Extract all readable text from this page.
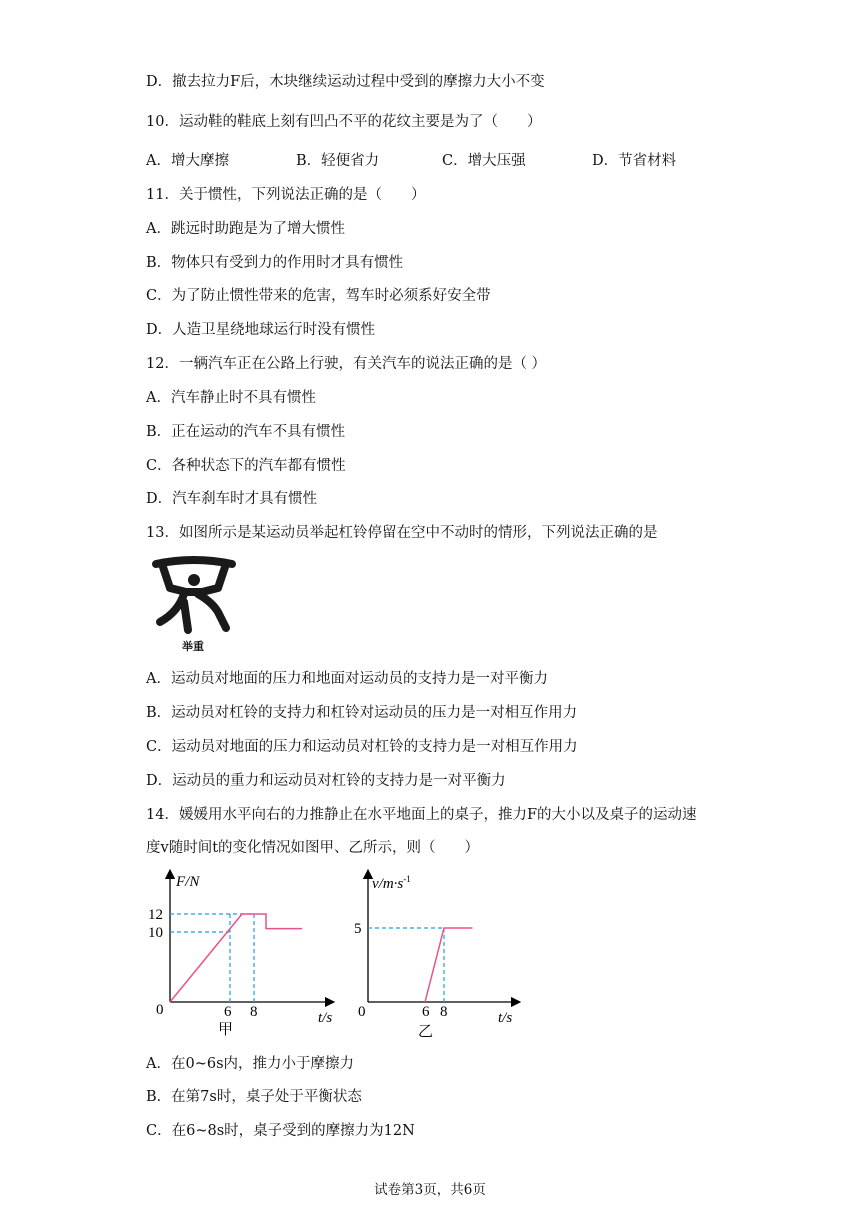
D．撤去拉力F后，木块继续运动过程中受到的摩擦力大小不变
10．运动鞋的鞋底上刻有凹凸不平的花纹主要是为了（　　）
A．增大摩擦	B．轻便省力	C．增大压强	D．节省材料
11．关于惯性，下列说法正确的是（　　）
A．跳远时助跑是为了增大惯性
B．物体只有受到力的作用时才具有惯性
C．为了防止惯性带来的危害，驾车时必须系好安全带
D．人造卫星绕地球运行时没有惯性
12．一辆汽车正在公路上行驶，有关汽车的说法正确的是（ ）
A．汽车静止时不具有惯性
B．正在运动的汽车不具有惯性
C．各种状态下的汽车都有惯性
D．汽车刹车时才具有惯性
13．如图所示是某运动员举起杠铃停留在空中不动时的情形，下列说法正确的是
举重
A．运动员对地面的压力和地面对运动员的支持力是一对平衡力
B．运动员对杠铃的支持力和杠铃对运动员的压力是一对相互作用力
C．运动员对地面的压力和运动员对杠铃的支持力是一对相互作用力
D．运动员的重力和运动员对杠铃的支持力是一对平衡力
14．媛媛用水平向右的力推静止在水平地面上的桌子，推力F的大小以及桌子的运动速
度v随时间t的变化情况如图甲、乙所示，则（　　）
F/N
t/s
0
12
10
6 8
甲
$v/m\cdot s^{-1}$
t/s
0
5
6 8
乙
A．在0~6s内，推力小于摩擦力
B．在第7s时，桌子处于平衡状态
C．在6~8s时，桌子受到的摩擦力为12N
试卷第3页，共6页
